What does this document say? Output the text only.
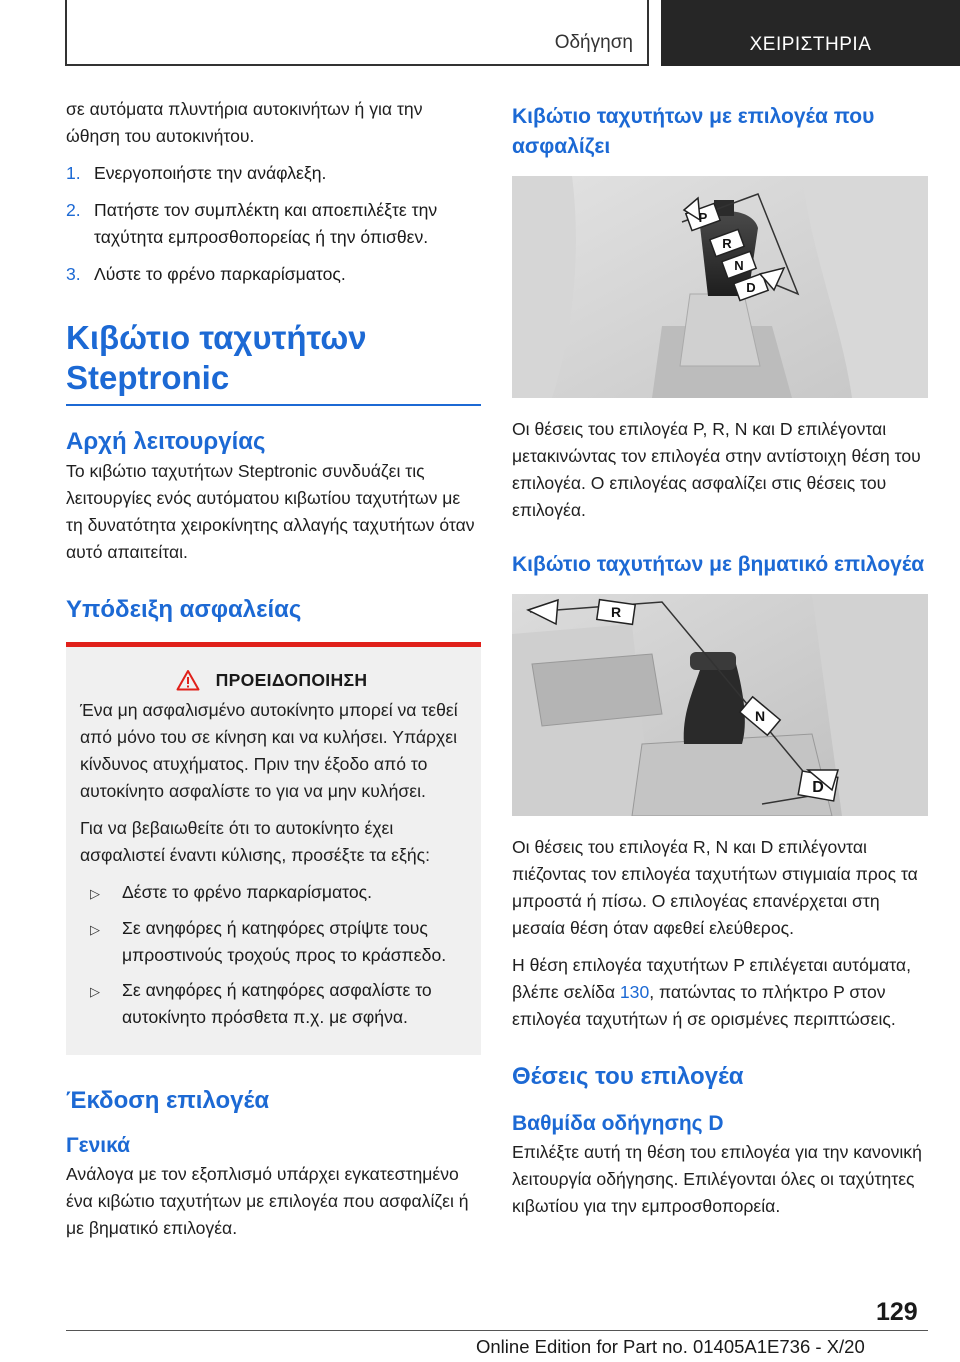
Οδήγηση	ΧΕΙΡΙΣΤΗΡΙΑ

σε αυτόματα πλυντήρια αυτοκινήτων ή για την ώθηση του αυτοκινήτου.

1. Ενεργοποιήστε την ανάφλεξη.
2. Πατήστε τον συμπλέκτη και αποεπιλέξτε την ταχύτητα εμπροσθοπορείας ή την όπισθεν.
3. Λύστε το φρένο παρκαρίσματος.
Κιβώτιο ταχυτήτων Steptronic
Αρχή λειτουργίας

Το κιβώτιο ταχυτήτων Steptronic συνδυάζει τις λειτουργίες ενός αυτόματου κιβωτίου ταχυτήτων με τη δυνατότητα χειροκίνητης αλλαγής ταχυτήτων όταν αυτό απαιτείται.

Υπόδειξη ασφαλείας
ΠΡΟΕΙΔΟΠΟΙΗΣΗ

Ένα μη ασφαλισμένο αυτοκίνητο μπορεί να τεθεί από μόνο του σε κίνηση και να κυλήσει. Υπάρχει κίνδυνος ατυχήματος. Πριν την έξοδο από το αυτοκίνητο ασφαλίστε το για να μην κυλήσει.

Για να βεβαιωθείτε ότι το αυτοκίνητο έχει ασφαλιστεί έναντι κύλισης, προσέξτε τα εξής:

▷	Δέστε το φρένο παρκαρίσματος.
▷	Σε ανηφόρες ή κατηφόρες στρίψτε τους μπροστινούς τροχούς προς το κράσπεδο.
▷	Σε ανηφόρες ή κατηφόρες ασφαλίστε το αυτοκίνητο πρόσθετα π.χ. με σφήνα.
Έκδοση επιλογέα
Γενικά

Ανάλογα με τον εξοπλισμό υπάρχει εγκατεστημένο ένα κιβώτιο ταχυτήτων με επιλογέα που ασφαλίζει ή με βηματικό επιλογέα.

Κιβώτιο ταχυτήτων με επιλογέα που ασφαλίζει
P
R
N
D

Οι θέσεις του επιλογέα P, R, N και D επιλέγονται μετακινώντας τον επιλογέα στην αντίστοιχη θέση του επιλογέα. Ο επιλογέας ασφαλίζει στις θέσεις του επιλογέα.

Κιβώτιο ταχυτήτων με βηματικό επιλογέα
R
N
D

Οι θέσεις του επιλογέα R, N και D επιλέγονται πιέζοντας τον επιλογέα ταχυτήτων στιγμιαία προς τα μπροστά ή πίσω. Ο επιλογέας επανέρχεται στη μεσαία θέση όταν αφεθεί ελεύθερος.

Η θέση επιλογέα ταχυτήτων P επιλέγεται αυτόματα, βλέπε σελίδα 130, πατώντας το πλήκτρο P στον επιλογέα ταχυτήτων ή σε ορισμένες περιπτώσεις.

Θέσεις του επιλογέα
Βαθμίδα οδήγησης D

Επιλέξτε αυτή τη θέση του επιλογέα για την κανονική λειτουργία οδήγησης. Επιλέγονται όλες οι ταχύτητες κιβωτίου για την εμπροσθοπορεία.

129
Online Edition for Part no. 01405A1E736 - X/20
